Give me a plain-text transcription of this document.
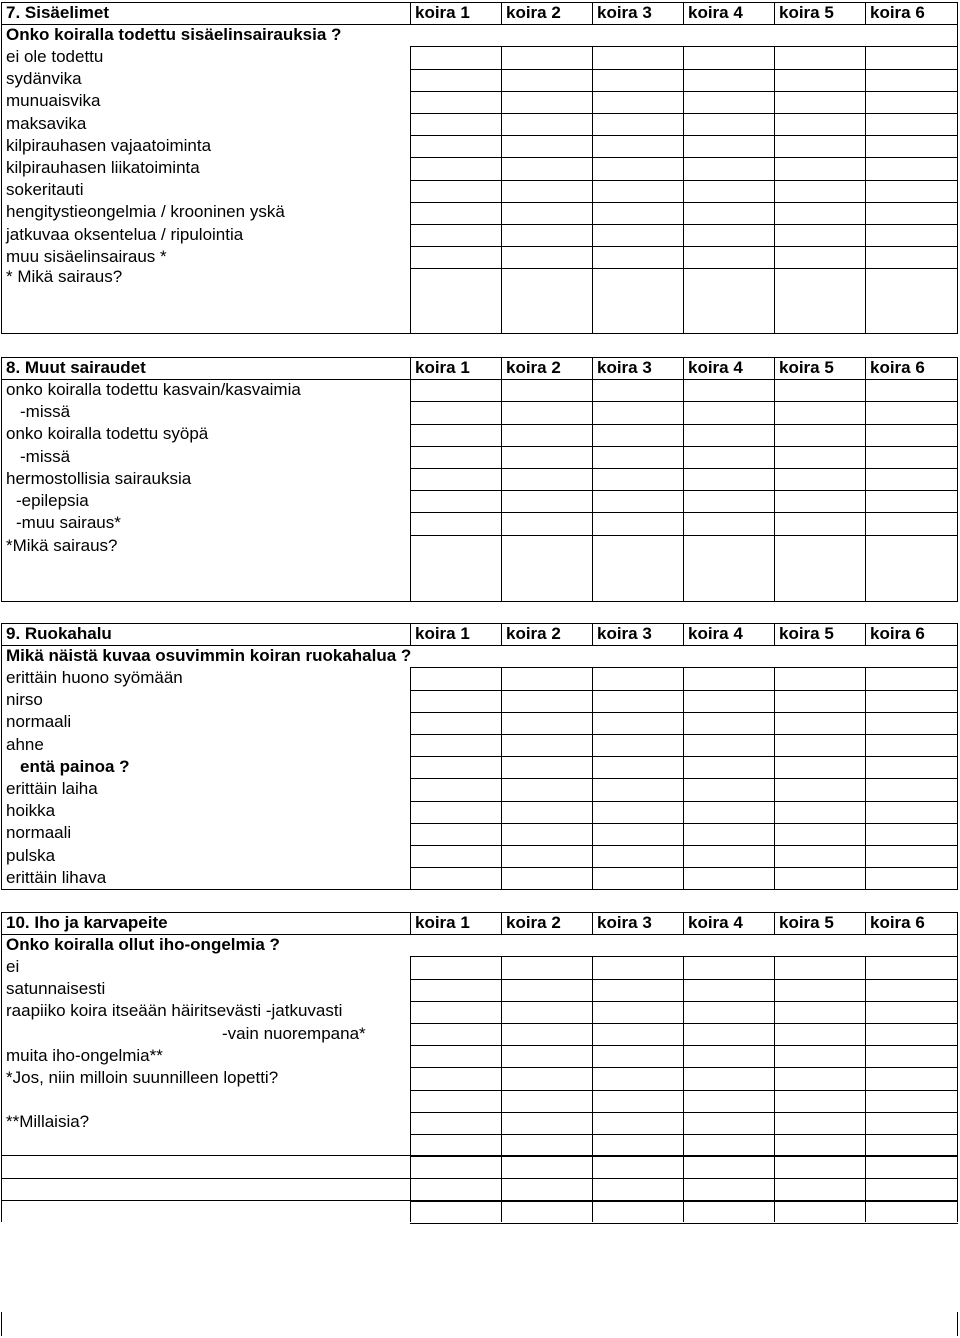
7. Sisäelimet	koira 1	koira 2	koira 3	koira 4	koira 5	koira 6
Onko koiralla todettu sisäelinsairauksia ?
ei ole todettu
sydänvika
munuaisvika
maksavika
kilpirauhasen vajaatoiminta
kilpirauhasen liikatoiminta
sokeritauti
hengitystieongelmia / krooninen yskä
jatkuvaa oksentelua / ripulointia
muu sisäelinsairaus *
* Mikä sairaus?
8. Muut sairaudet	koira 1	koira 2	koira 3	koira 4	koira 5	koira 6
onko koiralla todettu kasvain/kasvaimia
-missä
onko koiralla todettu syöpä
-missä
hermostollisia sairauksia
-epilepsia
-muu sairaus*
*Mikä sairaus?
9. Ruokahalu	koira 1	koira 2	koira 3	koira 4	koira 5	koira 6
Mikä näistä kuvaa osuvimmin koiran ruokahalua ?
erittäin huono syömään
nirso
normaali
ahne
entä painoa ?
erittäin laiha
hoikka
normaali
pulska
erittäin lihava
10. Iho ja karvapeite	koira 1	koira 2	koira 3	koira 4	koira 5	koira 6
Onko koiralla ollut iho-ongelmia ?
ei
satunnaisesti
raapiiko koira itseään häiritsevästi -jatkuvasti
-vain nuorempana*
muita iho-ongelmia**
*Jos, niin milloin suunnilleen lopetti?
**Millaisia?
